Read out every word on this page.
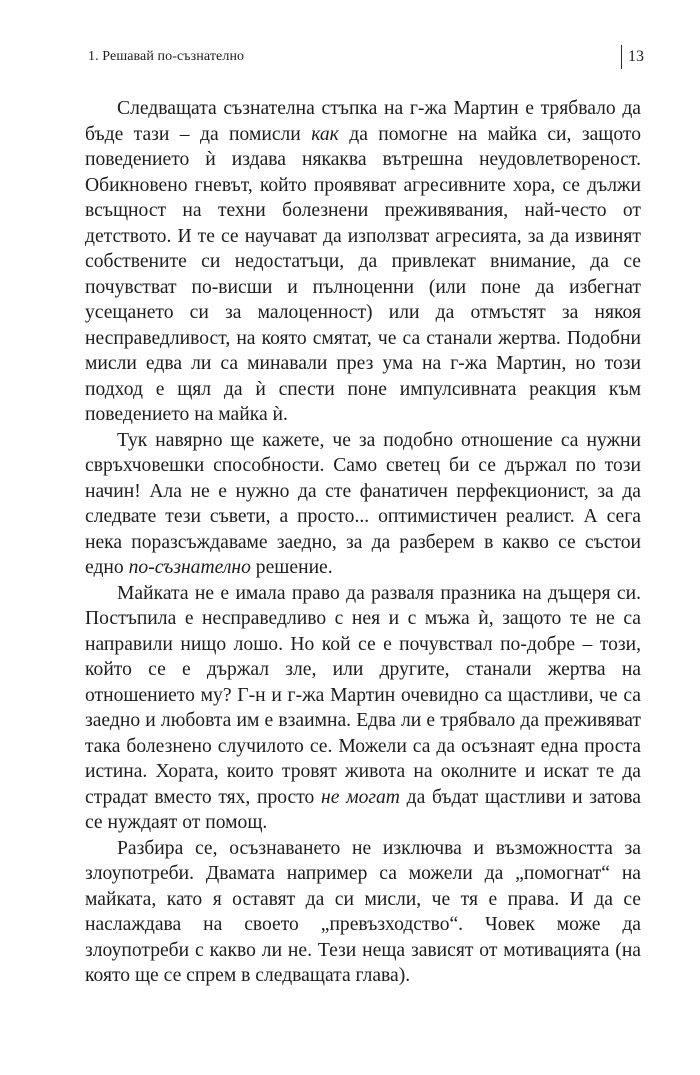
1. Решавай по-съзнателно	13

Следващата съзнателна стъпка на г-жа Мартин е трябвало да бъде тази – да помисли как да помогне на майка си, защото поведението ѝ издава някаква вътрешна неудовлетвореност. Обикновено гневът, който проявяват агресивните хора, се дължи всъщност на техни болезнени преживявания, най-често от детството. И те се научават да използват агресията, за да извинят собствените си недостатъци, да привлекат внимание, да се почувстват по-висши и пълноценни (или поне да избегнат усещането си за малоценност) или да отмъстят за някоя несправедливост, на която смятат, че са станали жертва. Подобни мисли едва ли са минавали през ума на г-жа Мартин, но този подход е щял да ѝ спести поне импулсивната реакция към поведението на майка ѝ.

Тук навярно ще кажете, че за подобно отношение са нужни свръхчовешки способности. Само светец би се държал по този начин! Ала не е нужно да сте фанатичен перфекционист, за да следвате тези съвети, а просто... оптимистичен реалист. А сега нека поразсъждаваме заедно, за да разберем в какво се състои едно по-съзнателно решение.

Майката не е имала право да разваля празника на дъщеря си. Постъпила е несправедливо с нея и с мъжа ѝ, защото те не са направили нищо лошо. Но кой се е почувствал по-добре – този, който се е държал зле, или другите, станали жертва на отношението му? Г-н и г-жа Мартин очевидно са щастливи, че са заедно и любовта им е взаимна. Едва ли е трябвало да преживяват така болезнено случилото се. Можели са да осъзнаят една проста истина. Хората, които тровят живота на околните и искат те да страдат вместо тях, просто не могат да бъдат щастливи и затова се нуждаят от помощ.

Разбира се, осъзнаването не изключва и възможността за злоупотреби. Двамата например са можели да „помогнат“ на майката, като я оставят да си мисли, че тя е права. И да се наслаждава на своето „превъзходство“. Човек може да злоупотреби с какво ли не. Тези неща зависят от мотивацията (на която ще се спрем в следващата глава).
